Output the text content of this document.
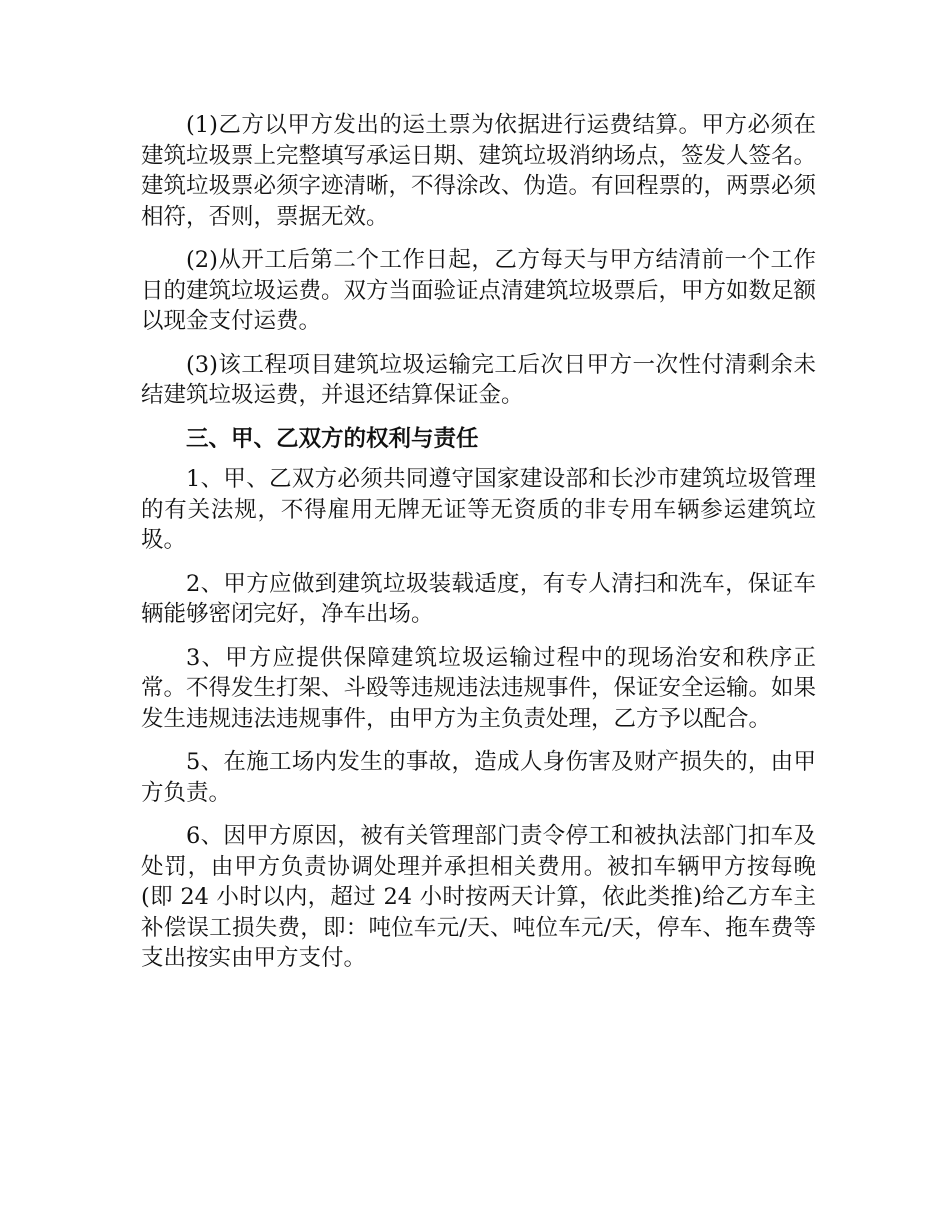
(1)乙方以甲方发出的运土票为依据进行运费结算。甲方必须在建筑垃圾票上完整填写承运日期、建筑垃圾消纳场点，签发人签名。建筑垃圾票必须字迹清晰，不得涂改、伪造。有回程票的，两票必须相符，否则，票据无效。

(2)从开工后第二个工作日起，乙方每天与甲方结清前一个工作日的建筑垃圾运费。双方当面验证点清建筑垃圾票后，甲方如数足额以现金支付运费。

(3)该工程项目建筑垃圾运输完工后次日甲方一次性付清剩余未结建筑垃圾运费，并退还结算保证金。

三、甲、乙双方的权利与责任

1、甲、乙双方必须共同遵守国家建设部和长沙市建筑垃圾管理的有关法规，不得雇用无牌无证等无资质的非专用车辆参运建筑垃圾。

2、甲方应做到建筑垃圾装载适度，有专人清扫和洗车，保证车辆能够密闭完好，净车出场。

3、甲方应提供保障建筑垃圾运输过程中的现场治安和秩序正常。不得发生打架、斗殴等违规违法违规事件，保证安全运输。如果发生违规违法违规事件，由甲方为主负责处理，乙方予以配合。

5、在施工场内发生的事故，造成人身伤害及财产损失的，由甲方负责。

6、因甲方原因，被有关管理部门责令停工和被执法部门扣车及处罚，由甲方负责协调处理并承担相关费用。被扣车辆甲方按每晚(即 24 小时以内，超过 24 小时按两天计算，依此类推)给乙方车主补偿误工损失费，即：吨位车元/天、吨位车元/天，停车、拖车费等支出按实由甲方支付。
